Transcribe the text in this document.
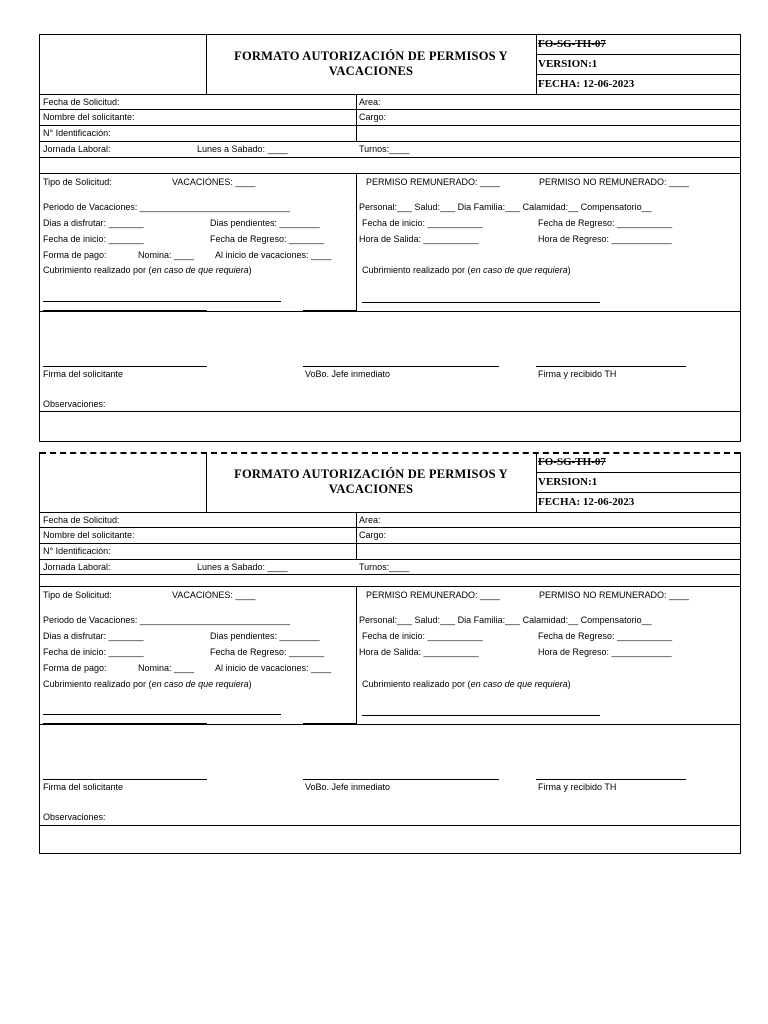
FORMATO AUTORIZACIÓN DE PERMISOS Y
VACACIONES
FO-SG-TH-07
VERSION:1
FECHA: 12-06-2023
Fecha de Solicitud:	Area:
Nombre del solicitante:	Cargo:
N° Identificación:
Jornada Laboral:	Lunes a Sabado: ____	Turnos:____
Tipo de Solicitud:	VACACIONES: ____	PERMISO REMUNERADO: ____	PERMISO NO REMUNERADO: ____
Periodo de Vacaciones: ______________________________	Personal:___ Salud:___ Dia Familia:___ Calamidad:__ Compensatorio__
Dias a disfrutar: _______	Dias pendientes: ________	Fecha de inicio: ___________	Fecha de Regreso: ___________
Fecha de inicio: _______	Fecha de Regreso: _______	Hora de Salida: ___________	Hora de Regreso: ____________
Forma de pago:	Nomina: ____ Al inicio de vacaciones: ____
Cubrimiento realizado por (en caso de que requiera)	Cubrimiento realizado por (en caso de que requiera)
Firma del solicitante	VoBo. Jefe inmediato	Firma y recibido TH
Observaciones:
FORMATO AUTORIZACIÓN DE PERMISOS Y
VACACIONES
FO-SG-TH-07
VERSION:1
FECHA: 12-06-2023
Fecha de Solicitud:	Area:
Nombre del solicitante:	Cargo:
N° Identificación:
Jornada Laboral:	Lunes a Sabado: ____	Turnos:____
Tipo de Solicitud:	VACACIONES: ____	PERMISO REMUNERADO: ____	PERMISO NO REMUNERADO: ____
Periodo de Vacaciones: ______________________________	Personal:___ Salud:___ Dia Familia:___ Calamidad:__ Compensatorio__
Dias a disfrutar: _______	Dias pendientes: ________	Fecha de inicio: ___________	Fecha de Regreso: ___________
Fecha de inicio: _______	Fecha de Regreso: _______	Hora de Salida: ___________	Hora de Regreso: ____________
Forma de pago:	Nomina: ____ Al inicio de vacaciones: ____
Cubrimiento realizado por (en caso de que requiera)	Cubrimiento realizado por (en caso de que requiera)
Firma del solicitante	VoBo. Jefe inmediato	Firma y recibido TH
Observaciones:
